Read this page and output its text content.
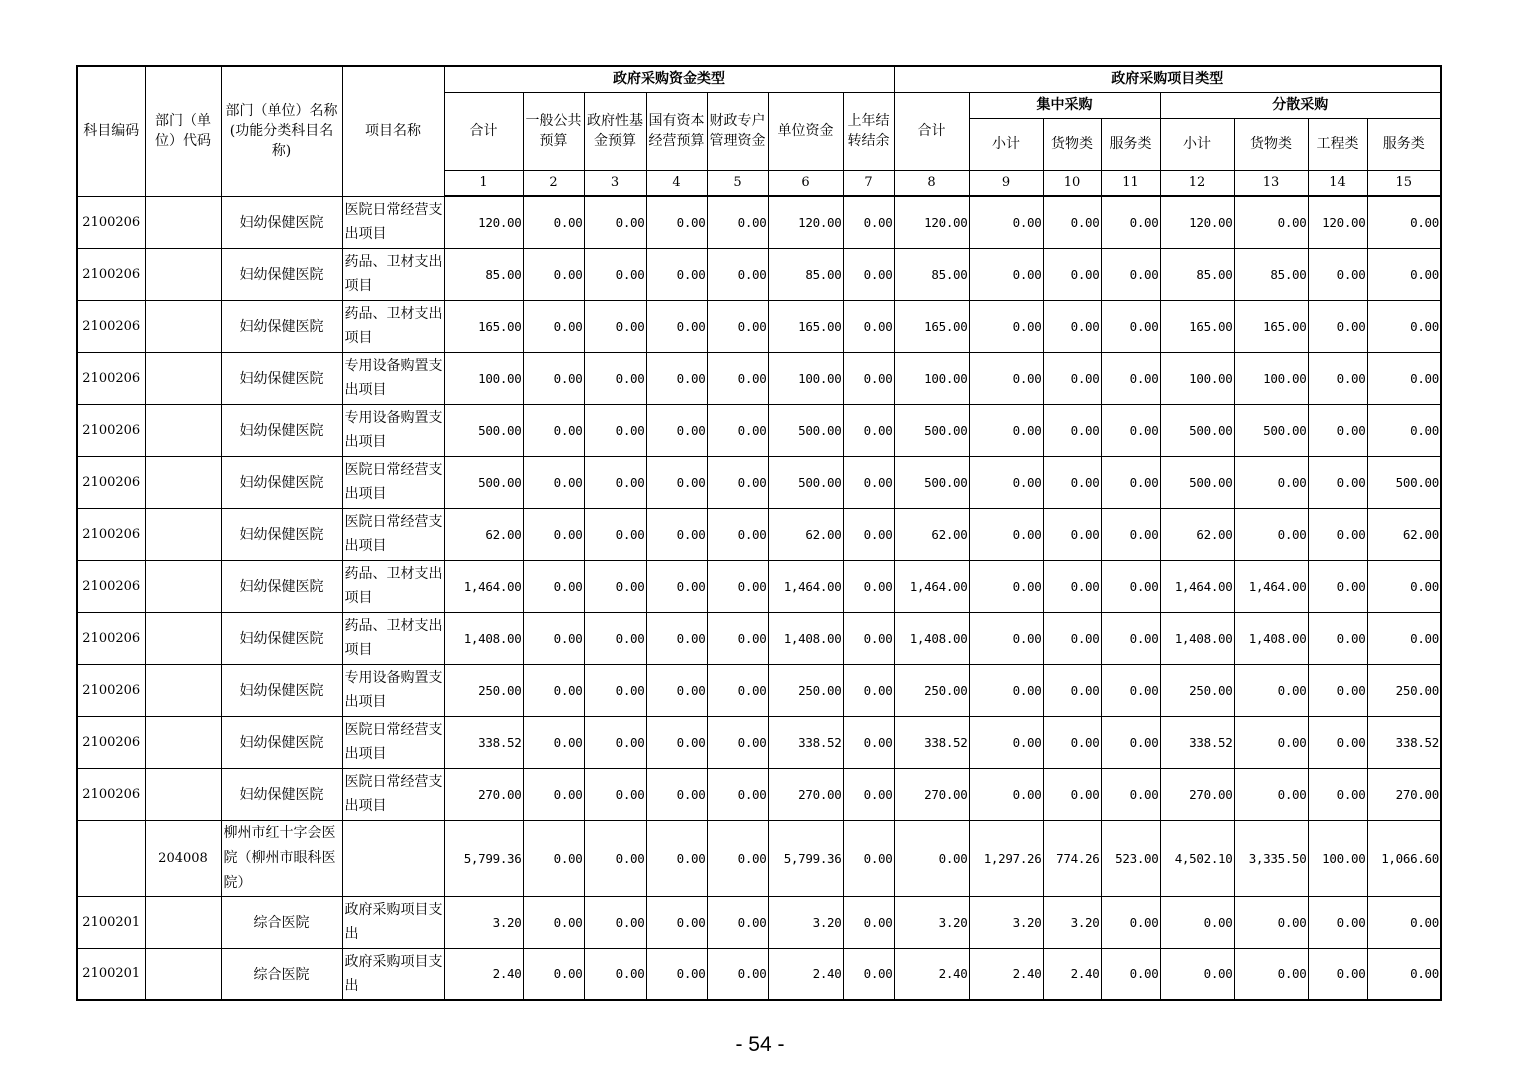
科目编码	部门（单位）代码	部门（单位）名称(功能分类科目名称)	项目名称	政府采购资金类型							政府采购项目类型							
				合计	一般公共预算	政府性基金预算	国有资本经营预算	财政专户管理资金	单位资金	上年结转结余	合计	集中采购			分散采购			
												小计	货物类	服务类	小计	货物类	工程类	服务类
				1	2	3	4	5	6	7	8	9	10	11	12	13	14	15
2100206		妇幼保健医院	医院日常经营支出项目	120.00	0.00	0.00	0.00	0.00	120.00	0.00	120.00	0.00	0.00	0.00	120.00	0.00	120.00	0.00
2100206		妇幼保健医院	药品、卫材支出项目	85.00	0.00	0.00	0.00	0.00	85.00	0.00	85.00	0.00	0.00	0.00	85.00	85.00	0.00	0.00
2100206		妇幼保健医院	药品、卫材支出项目	165.00	0.00	0.00	0.00	0.00	165.00	0.00	165.00	0.00	0.00	0.00	165.00	165.00	0.00	0.00
2100206		妇幼保健医院	专用设备购置支出项目	100.00	0.00	0.00	0.00	0.00	100.00	0.00	100.00	0.00	0.00	0.00	100.00	100.00	0.00	0.00
2100206		妇幼保健医院	专用设备购置支出项目	500.00	0.00	0.00	0.00	0.00	500.00	0.00	500.00	0.00	0.00	0.00	500.00	500.00	0.00	0.00
2100206		妇幼保健医院	医院日常经营支出项目	500.00	0.00	0.00	0.00	0.00	500.00	0.00	500.00	0.00	0.00	0.00	500.00	0.00	0.00	500.00
2100206		妇幼保健医院	医院日常经营支出项目	62.00	0.00	0.00	0.00	0.00	62.00	0.00	62.00	0.00	0.00	0.00	62.00	0.00	0.00	62.00
2100206		妇幼保健医院	药品、卫材支出项目	1,464.00	0.00	0.00	0.00	0.00	1,464.00	0.00	1,464.00	0.00	0.00	0.00	1,464.00	1,464.00	0.00	0.00
2100206		妇幼保健医院	药品、卫材支出项目	1,408.00	0.00	0.00	0.00	0.00	1,408.00	0.00	1,408.00	0.00	0.00	0.00	1,408.00	1,408.00	0.00	0.00
2100206		妇幼保健医院	专用设备购置支出项目	250.00	0.00	0.00	0.00	0.00	250.00	0.00	250.00	0.00	0.00	0.00	250.00	0.00	0.00	250.00
2100206		妇幼保健医院	医院日常经营支出项目	338.52	0.00	0.00	0.00	0.00	338.52	0.00	338.52	0.00	0.00	0.00	338.52	0.00	0.00	338.52
2100206		妇幼保健医院	医院日常经营支出项目	270.00	0.00	0.00	0.00	0.00	270.00	0.00	270.00	0.00	0.00	0.00	270.00	0.00	0.00	270.00
	204008	柳州市红十字会医院（柳州市眼科医院）		5,799.36	0.00	0.00	0.00	0.00	5,799.36	0.00	0.00	1,297.26	774.26	523.00	4,502.10	3,335.50	100.00	1,066.60
2100201		综合医院	政府采购项目支出	3.20	0.00	0.00	0.00	0.00	3.20	0.00	3.20	3.20	3.20	0.00	0.00	0.00	0.00	0.00
2100201		综合医院	政府采购项目支出	2.40	0.00	0.00	0.00	0.00	2.40	0.00	2.40	2.40	2.40	0.00	0.00	0.00	0.00	0.00
- 54 -
